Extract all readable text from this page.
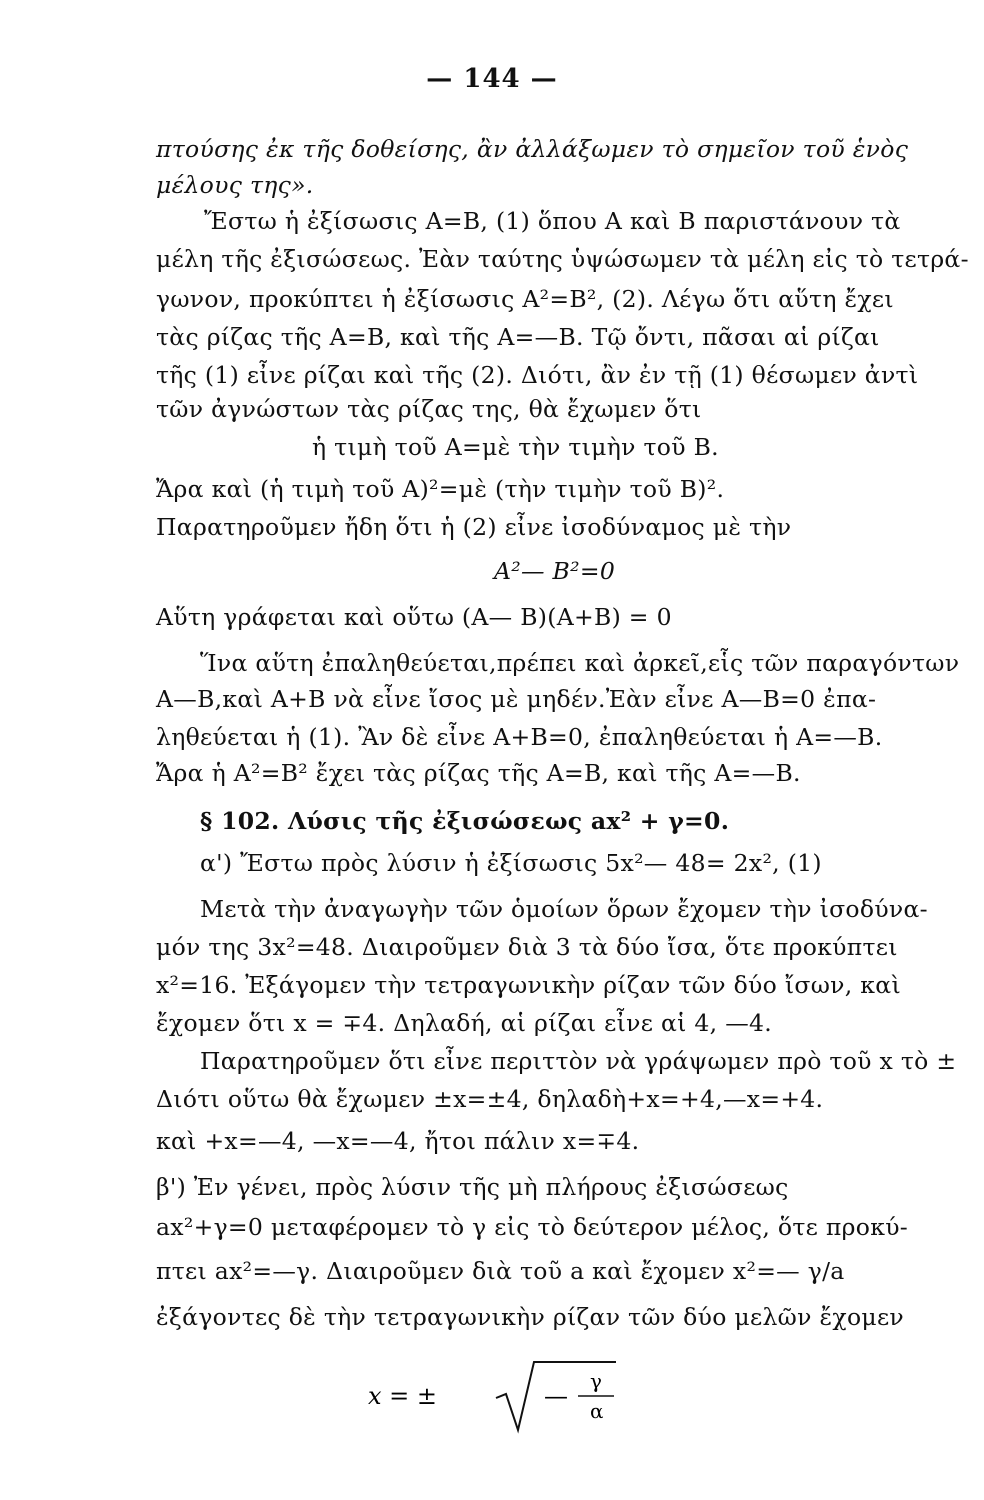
— 144 —
πτούσης ἐκ τῆς δοθείσης, ἂν ἀλλάξωμεν τὸ σημεῖον τοῦ ἑνὸς
μέλους της».
Ἔστω ἡ ἐξίσωσις A=B, (1) ὅπου A καὶ B παριστάνουν τὰ
μέλη τῆς ἐξισώσεως. Ἐὰν ταύτης ὑψώσωμεν τὰ μέλη εἰς τὸ τετρά-
γωνον, προκύπτει ἡ ἐξίσωσις A²=B², (2). Λέγω ὅτι αὕτη ἔχει
τὰς ρίζας τῆς A=B, καὶ τῆς A=—B. Τῷ ὄντι, πᾶσαι αἱ ρίζαι
τῆς (1) εἶνε ρίζαι καὶ τῆς (2). Διότι, ἂν ἐν τῇ (1) θέσωμεν ἀντὶ
τῶν ἀγνώστων τὰς ρίζας της, θὰ ἔχωμεν ὅτι
ἡ τιμὴ τοῦ A=μὲ τὴν τιμὴν τοῦ B.
Ἄρα καὶ (ἡ τιμὴ τοῦ A)²=μὲ (τὴν τιμὴν τοῦ B)².
Παρατηροῦμεν ἤδη ὅτι ἡ (2) εἶνε ἰσοδύναμος μὲ τὴν
A²— B²=0
Αὕτη γράφεται καὶ οὕτω (A— B)(A+B) = 0
Ἵνα αὕτη ἐπαληθεύεται,πρέπει καὶ ἀρκεῖ,εἷς τῶν παραγόντων
A—B,καὶ A+B νὰ εἶνε ἴσος μὲ μηδέν.Ἐὰν εἶνε A—B=0 ἐπα-
ληθεύεται ἡ (1). Ἂν δὲ εἶνε A+B=0, ἐπαληθεύεται ἡ A=—B.
Ἄρα ἡ A²=B² ἔχει τὰς ρίζας τῆς A=B, καὶ τῆς A=—B.
§ 102. Λύσις τῆς ἐξισώσεως ax² + γ=0.
α') Ἔστω πρὸς λύσιν ἡ ἐξίσωσις 5x²— 48= 2x², (1)
Μετὰ τὴν ἀναγωγὴν τῶν ὁμοίων ὅρων ἔχομεν τὴν ἰσοδύνα-
μόν της 3x²=48. Διαιροῦμεν διὰ 3 τὰ δύο ἴσα, ὅτε προκύπτει
x²=16. Ἐξάγομεν τὴν τετραγωνικὴν ρίζαν τῶν δύο ἴσων, καὶ
ἔχομεν ὅτι x = ∓4. Δηλαδή, αἱ ρίζαι εἶνε αἱ 4, —4.
Παρατηροῦμεν ὅτι εἶνε περιττὸν νὰ γράψωμεν πρὸ τοῦ x τὸ ±
Διότι οὕτω θὰ ἔχωμεν ±x=±4, δηλαδὴ+x=+4,—x=+4.
καὶ +x=—4, —x=—4, ἤτοι πάλιν x=∓4.
β') Ἐν γένει, πρὸς λύσιν τῆς μὴ πλήρους ἐξισώσεως
ax²+γ=0 μεταφέρομεν τὸ γ εἰς τὸ δεύτερον μέλος, ὅτε προκύ-
πτει ax²=—γ. Διαιροῦμεν διὰ τοῦ a καὶ ἔχομεν x²=— γ/a
ἐξάγοντες δὲ τὴν τετραγωνικὴν ρίζαν τῶν δύο μελῶν ἔχομεν
x = ±	—
γ
α
